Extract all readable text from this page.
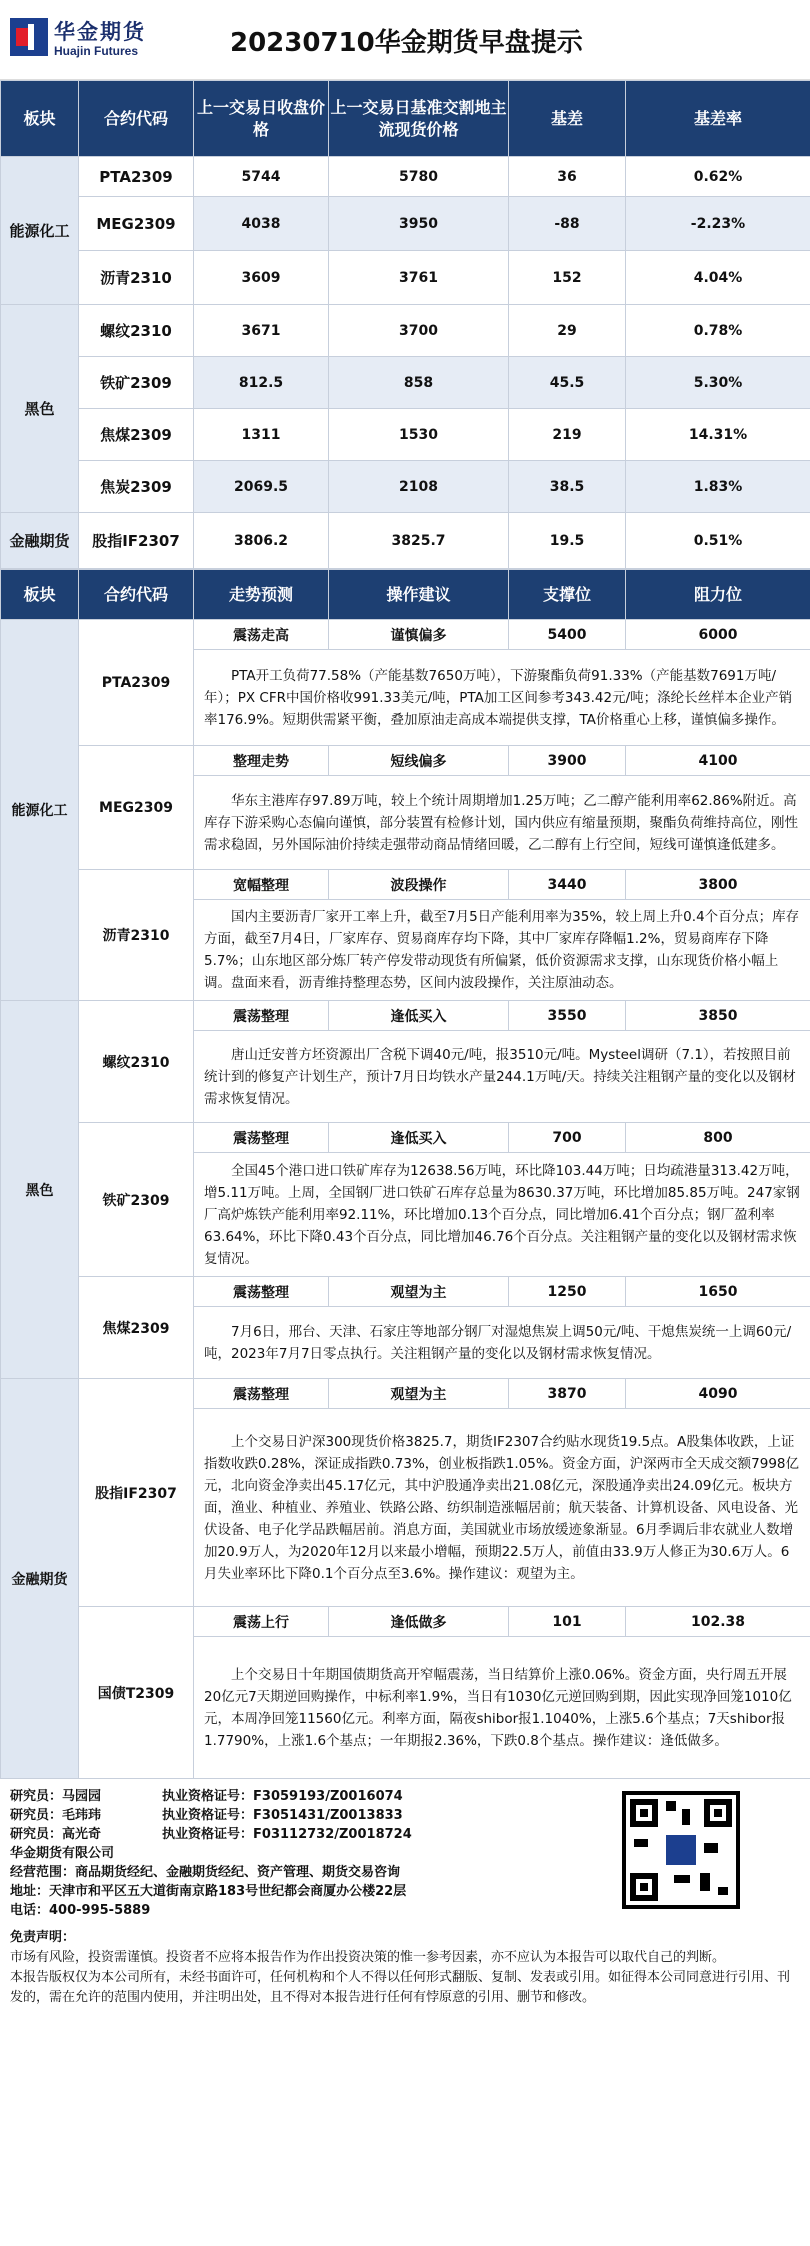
华金期货
Huajin Futures	20230710华金期货早盘提示
板块	合约代码	上一交易日收盘价格	上一交易日基准交割地主流现货价格	基差	基差率
能源化工	PTA2309	5744	5780	36	0.62%
	MEG2309	4038	3950	-88	-2.23%
	沥青2310	3609	3761	152	4.04%
黑色	螺纹2310	3671	3700	29	0.78%
	铁矿2309	812.5	858	45.5	5.30%
	焦煤2309	1311	1530	219	14.31%
	焦炭2309	2069.5	2108	38.5	1.83%
金融期货	股指IF2307	3806.2	3825.7	19.5	0.51%
板块	合约代码	走势预测	操作建议	支撑位	阻力位
能源化工	PTA2309	震荡走高	谨慎偏多	5400	6000
		PTA开工负荷77.58%（产能基数7650万吨），下游聚酯负荷91.33%（产能基数7691万吨/年）；PX CFR中国价格收991.33美元/吨，PTA加工区间参考343.42元/吨；涤纶长丝样本企业产销率176.9%。短期供需紧平衡，叠加原油走高成本端提供支撑，TA价格重心上移，谨慎偏多操作。			
	MEG2309	整理走势	短线偏多	3900	4100
		华东主港库存97.89万吨，较上个统计周期增加1.25万吨；乙二醇产能利用率62.86%附近。高库存下游采购心态偏向谨慎，部分装置有检修计划，国内供应有缩量预期，聚酯负荷维持高位，刚性需求稳固，另外国际油价持续走强带动商品情绪回暖，乙二醇有上行空间，短线可谨慎逢低建多。			
	沥青2310	宽幅整理	波段操作	3440	3800
		国内主要沥青厂家开工率上升，截至7月5日产能利用率为35%，较上周上升0.4个百分点；库存方面，截至7月4日，厂家库存、贸易商库存均下降，其中厂家库存降幅1.2%，贸易商库存下降5.7%；山东地区部分炼厂转产停发带动现货有所偏紧，低价资源需求支撑，山东现货价格小幅上调。盘面来看，沥青维持整理态势，区间内波段操作，关注原油动态。			
黑色	螺纹2310	震荡整理	逢低买入	3550	3850
		唐山迁安普方坯资源出厂含税下调40元/吨，报3510元/吨。Mysteel调研（7.1），若按照目前统计到的修复产计划生产，预计7月日均铁水产量244.1万吨/天。持续关注粗钢产量的变化以及钢材需求恢复情况。			
	铁矿2309	震荡整理	逢低买入	700	800
		全国45个港口进口铁矿库存为12638.56万吨，环比降103.44万吨；日均疏港量313.42万吨，增5.11万吨。上周，全国钢厂进口铁矿石库存总量为8630.37万吨，环比增加85.85万吨。247家钢厂高炉炼铁产能利用率92.11%，环比增加0.13个百分点，同比增加6.41个百分点；钢厂盈利率63.64%，环比下降0.43个百分点，同比增加46.76个百分点。关注粗钢产量的变化以及钢材需求恢复情况。			
	焦煤2309	震荡整理	观望为主	1250	1650
		7月6日，邢台、天津、石家庄等地部分钢厂对湿熄焦炭上调50元/吨、干熄焦炭统一上调60元/吨，2023年7月7日零点执行。关注粗钢产量的变化以及钢材需求恢复情况。			
金融期货	股指IF2307	震荡整理	观望为主	3870	4090
		上个交易日沪深300现货价格3825.7，期货IF2307合约贴水现货19.5点。A股集体收跌，上证指数收跌0.28%，深证成指跌0.73%，创业板指跌1.05%。资金方面，沪深两市全天成交额7998亿元，北向资金净卖出45.17亿元，其中沪股通净卖出21.08亿元，深股通净卖出24.09亿元。板块方面，渔业、种植业、养殖业、铁路公路、纺织制造涨幅居前；航天装备、计算机设备、风电设备、光伏设备、电子化学品跌幅居前。消息方面，美国就业市场放缓迹象渐显。6月季调后非农就业人数增加20.9万人，为2020年12月以来最小增幅，预期22.5万人，前值由33.9万人修正为30.6万人。6月失业率环比下降0.1个百分点至3.6%。操作建议：观望为主。			
	国债T2309	震荡上行	逢低做多	101	102.38
		上个交易日十年期国债期货高开窄幅震荡，当日结算价上涨0.06%。资金方面，央行周五开展20亿元7天期逆回购操作，中标利率1.9%，当日有1030亿元逆回购到期，因此实现净回笼1010亿元，本周净回笼11560亿元。利率方面，隔夜shibor报1.1040%，上涨5.6个基点；7天shibor报1.7790%，上涨1.6个基点；一年期报2.36%，下跌0.8个基点。操作建议：逢低做多。			
研究员：马园园	执业资格证号：F3059193/Z0016074
研究员：毛玮玮	执业资格证号：F3051431/Z0013833
研究员：高光奇	执业资格证号：F03112732/Z0018724
华金期货有限公司
经营范围：商品期货经纪、金融期货经纪、资产管理、期货交易咨询
地址：天津市和平区五大道街南京路183号世纪都会商厦办公楼22层
电话：400-995-5889
免责声明：
市场有风险，投资需谨慎。投资者不应将本报告作为作出投资决策的惟一参考因素，亦不应认为本报告可以取代自己的判断。
本报告版权仅为本公司所有，未经书面许可，任何机构和个人不得以任何形式翻版、复制、发表或引用。如征得本公司同意进行引用、刊发的，需在允许的范围内使用，并注明出处，且不得对本报告进行任何有悖原意的引用、删节和修改。
